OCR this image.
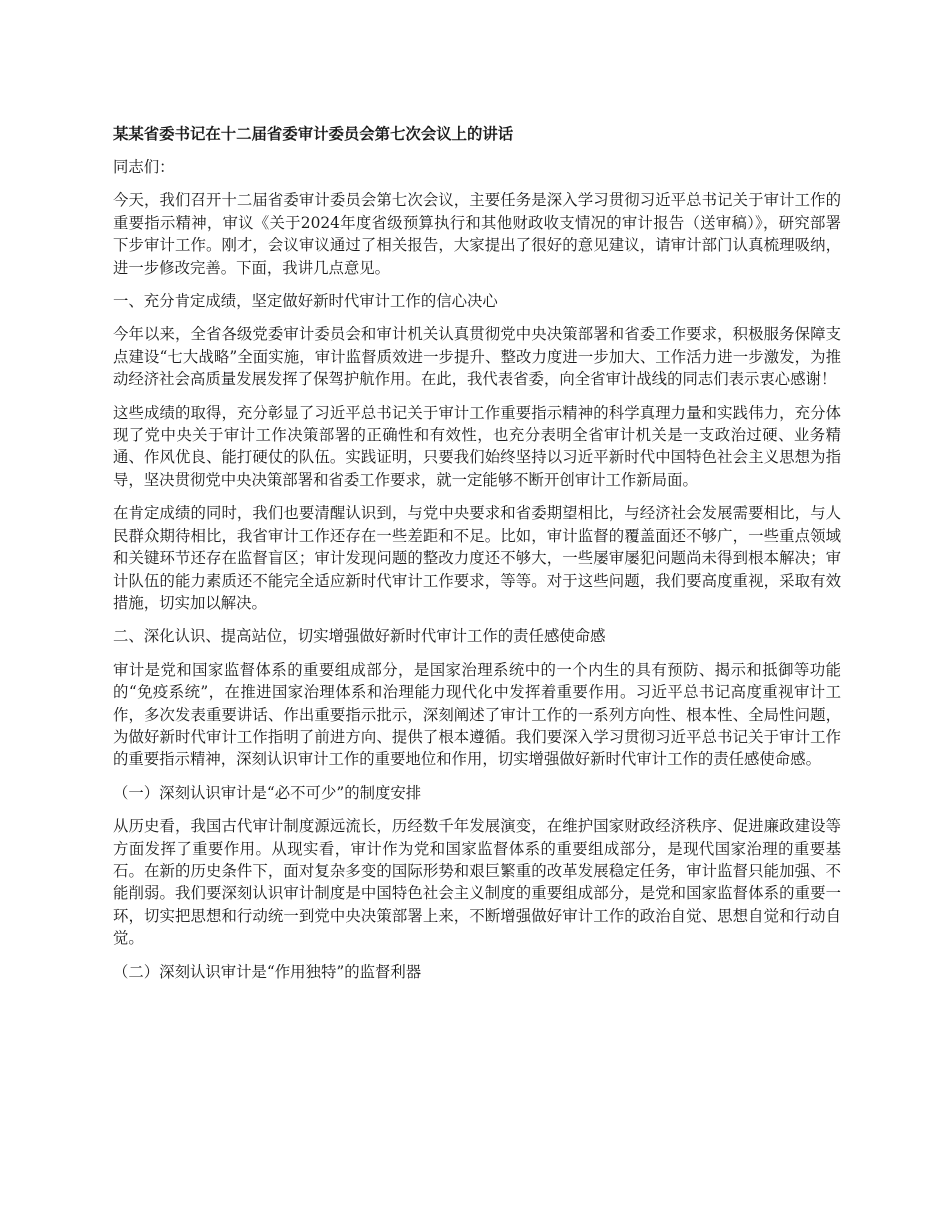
某某省委书记在十二届省委审计委员会第七次会议上的讲话
同志们：
今天，我们召开十二届省委审计委员会第七次会议，主要任务是深入学习贯彻习近平总书记关于审计工作的重要指示精神，审议《关于2024年度省级预算执行和其他财政收支情况的审计报告（送审稿）》，研究部署下步审计工作。刚才，会议审议通过了相关报告，大家提出了很好的意见建议，请审计部门认真梳理吸纳，进一步修改完善。下面，我讲几点意见。
一、充分肯定成绩，坚定做好新时代审计工作的信心决心
今年以来，全省各级党委审计委员会和审计机关认真贯彻党中央决策部署和省委工作要求，积极服务保障支点建设“七大战略”全面实施，审计监督质效进一步提升、整改力度进一步加大、工作活力进一步激发，为推动经济社会高质量发展发挥了保驾护航作用。在此，我代表省委，向全省审计战线的同志们表示衷心感谢！
这些成绩的取得，充分彰显了习近平总书记关于审计工作重要指示精神的科学真理力量和实践伟力，充分体现了党中央关于审计工作决策部署的正确性和有效性，也充分表明全省审计机关是一支政治过硬、业务精通、作风优良、能打硬仗的队伍。实践证明，只要我们始终坚持以习近平新时代中国特色社会主义思想为指导，坚决贯彻党中央决策部署和省委工作要求，就一定能够不断开创审计工作新局面。
在肯定成绩的同时，我们也要清醒认识到，与党中央要求和省委期望相比，与经济社会发展需要相比，与人民群众期待相比，我省审计工作还存在一些差距和不足。比如，审计监督的覆盖面还不够广，一些重点领域和关键环节还存在监督盲区；审计发现问题的整改力度还不够大，一些屡审屡犯问题尚未得到根本解决；审计队伍的能力素质还不能完全适应新时代审计工作要求，等等。对于这些问题，我们要高度重视，采取有效措施，切实加以解决。
二、深化认识、提高站位，切实增强做好新时代审计工作的责任感使命感
审计是党和国家监督体系的重要组成部分，是国家治理系统中的一个内生的具有预防、揭示和抵御等功能的“免疫系统”，在推进国家治理体系和治理能力现代化中发挥着重要作用。习近平总书记高度重视审计工作，多次发表重要讲话、作出重要指示批示，深刻阐述了审计工作的一系列方向性、根本性、全局性问题，为做好新时代审计工作指明了前进方向、提供了根本遵循。我们要深入学习贯彻习近平总书记关于审计工作的重要指示精神，深刻认识审计工作的重要地位和作用，切实增强做好新时代审计工作的责任感使命感。
（一）深刻认识审计是“必不可少”的制度安排
从历史看，我国古代审计制度源远流长，历经数千年发展演变，在维护国家财政经济秩序、促进廉政建设等方面发挥了重要作用。从现实看，审计作为党和国家监督体系的重要组成部分，是现代国家治理的重要基石。在新的历史条件下，面对复杂多变的国际形势和艰巨繁重的改革发展稳定任务，审计监督只能加强、不能削弱。我们要深刻认识审计制度是中国特色社会主义制度的重要组成部分，是党和国家监督体系的重要一环，切实把思想和行动统一到党中央决策部署上来，不断增强做好审计工作的政治自觉、思想自觉和行动自觉。
（二）深刻认识审计是“作用独特”的监督利器
